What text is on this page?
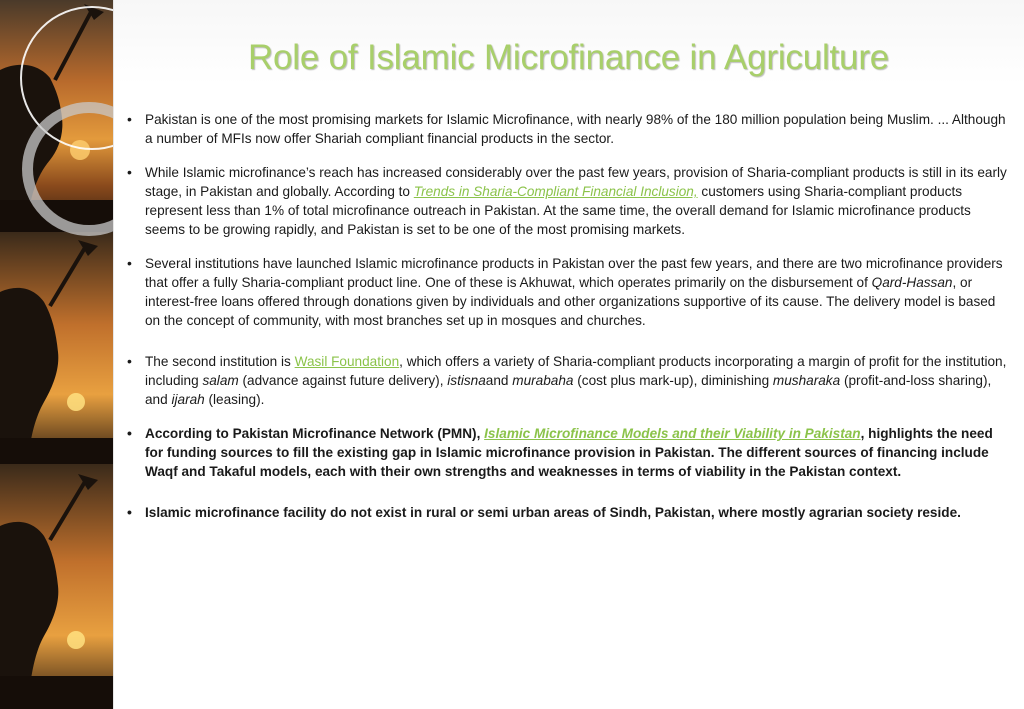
Role of Islamic Microfinance in Agriculture
• Pakistan is one of the most promising markets for Islamic Microfinance, with nearly 98% of the 180 million population being Muslim. ... Although a number of MFIs now offer Shariah compliant financial products in the sector.
• While Islamic microfinance’s reach has increased considerably over the past few years, provision of Sharia-compliant products is still in its early stage, in Pakistan and globally. According to Trends in Sharia-Compliant Financial Inclusion, customers using Sharia-compliant products represent less than 1% of total microfinance outreach in Pakistan. At the same time, the overall demand for Islamic microfinance products seems to be growing rapidly, and Pakistan is set to be one of the most promising markets.
• Several institutions have launched Islamic microfinance products in Pakistan over the past few years, and there are two microfinance providers that offer a fully Sharia-compliant product line. One of these is Akhuwat, which operates primarily on the disbursement of Qard-Hassan, or interest-free loans offered through donations given by individuals and other organizations supportive of its cause. The delivery model is based on the concept of community, with most branches set up in mosques and churches.
• The second institution is Wasil Foundation, which offers a variety of Sharia-compliant products incorporating a margin of profit for the institution, including salam (advance against future delivery), istisnaand murabaha (cost plus mark-up), diminishing musharaka (profit-and-loss sharing), and ijarah (leasing).
• According to Pakistan Microfinance Network (PMN), Islamic Microfinance Models and their Viability in Pakistan, highlights the need for funding sources to fill the existing gap in Islamic microfinance provision in Pakistan. The different sources of financing include Waqf and Takaful models, each with their own strengths and weaknesses in terms of viability in the Pakistan context.
• Islamic microfinance facility do not exist in rural or semi urban areas of Sindh, Pakistan, where mostly agrarian society reside.
